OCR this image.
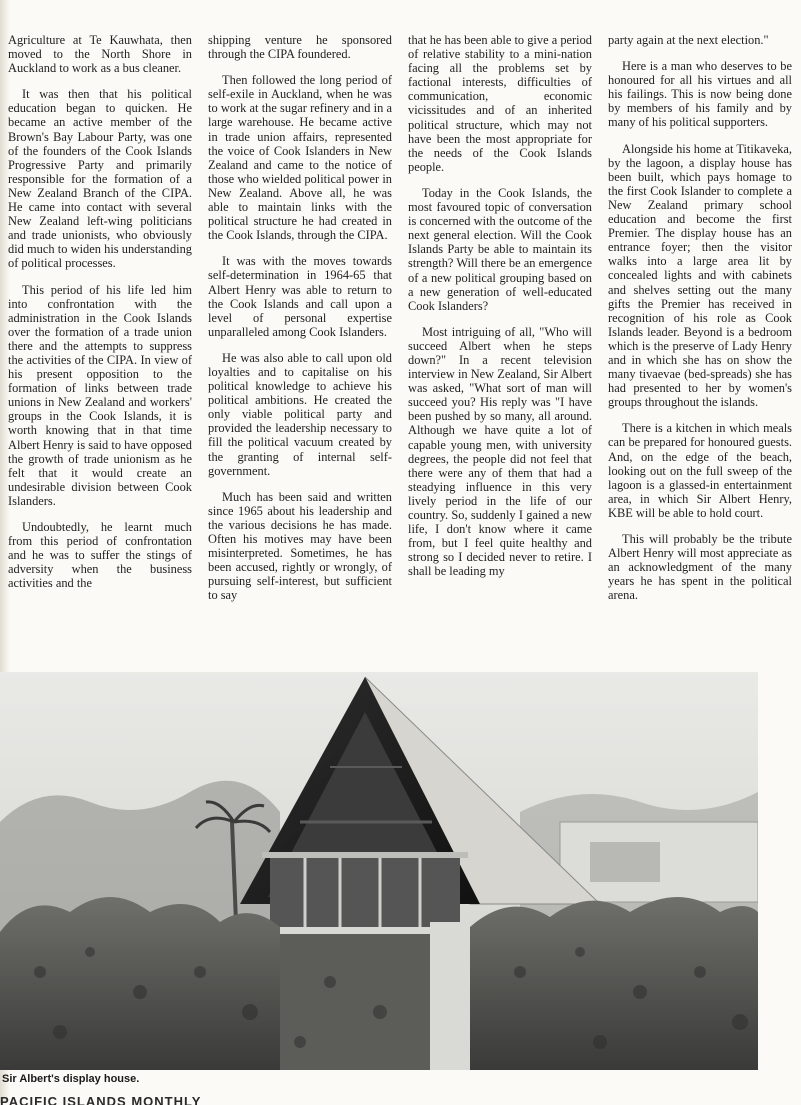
Agriculture at Te Kauwhata, then moved to the North Shore in Auckland to work as a bus cleaner.

It was then that his political education began to quicken. He became an active member of the Brown's Bay Labour Party, was one of the founders of the Cook Islands Progressive Party and primarily responsible for the formation of a New Zealand Branch of the CIPA. He came into contact with several New Zealand left-wing politicians and trade unionists, who obviously did much to widen his understanding of political processes.

This period of his life led him into confrontation with the administration in the Cook Islands over the formation of a trade union there and the attempts to suppress the activities of the CIPA. In view of his present opposition to the formation of links between trade unions in New Zealand and workers' groups in the Cook Islands, it is worth knowing that in that time Albert Henry is said to have opposed the growth of trade unionism as he felt that it would create an undesirable division between Cook Islanders.

Undoubtedly, he learnt much from this period of confrontation and he was to suffer the stings of adversity when the business activities and the

shipping venture he sponsored through the CIPA foundered.

Then followed the long period of self-exile in Auckland, when he was to work at the sugar refinery and in a large warehouse. He became active in trade union affairs, represented the voice of Cook Islanders in New Zealand and came to the notice of those who wielded political power in New Zealand. Above all, he was able to maintain links with the political structure he had created in the Cook Islands, through the CIPA.

It was with the moves towards self-determination in 1964-65 that Albert Henry was able to return to the Cook Islands and call upon a level of personal expertise unparalleled among Cook Islanders.

He was also able to call upon old loyalties and to capitalise on his political knowledge to achieve his political ambitions. He created the only viable political party and provided the leadership necessary to fill the political vacuum created by the granting of internal self-government.

Much has been said and written since 1965 about his leadership and the various decisions he has made. Often his motives may have been misinterpreted. Sometimes, he has been accused, rightly or wrongly, of pursuing self-interest, but sufficient to say

that he has been able to give a period of relative stability to a mini-nation facing all the problems set by factional interests, difficulties of communication, economic vicissitudes and of an inherited political structure, which may not have been the most appropriate for the needs of the Cook Islands people.

Today in the Cook Islands, the most favoured topic of conversation is concerned with the outcome of the next general election. Will the Cook Islands Party be able to maintain its strength? Will there be an emergence of a new political grouping based on a new generation of well-educated Cook Islanders?

Most intriguing of all, "Who will succeed Albert when he steps down?" In a recent television interview in New Zealand, Sir Albert was asked, "What sort of man will succeed you? His reply was "I have been pushed by so many, all around. Although we have quite a lot of capable young men, with university degrees, the people did not feel that there were any of them that had a steadying influence in this very lively period in the life of our country. So, suddenly I gained a new life, I don't know where it came from, but I feel quite healthy and strong so I decided never to retire. I shall be leading my

party again at the next election."

Here is a man who deserves to be honoured for all his virtues and all his failings. This is now being done by members of his family and by many of his political supporters.

Alongside his home at Titikaveka, by the lagoon, a display house has been built, which pays homage to the first Cook Islander to complete a New Zealand primary school education and become the first Premier. The display house has an entrance foyer; then the visitor walks into a large area lit by concealed lights and with cabinets and shelves setting out the many gifts the Premier has received in recognition of his role as Cook Islands leader. Beyond is a bedroom which is the preserve of Lady Henry and in which she has on show the many tivaevae (bed-spreads) she has had presented to her by women's groups throughout the islands.

There is a kitchen in which meals can be prepared for honoured guests. And, on the edge of the beach, looking out on the full sweep of the lagoon is a glassed-in entertainment area, in which Sir Albert Henry, KBE will be able to hold court.

This will probably be the tribute Albert Henry will most appreciate as an acknowledgment of the many years he has spent in the political arena.

Sir Albert's display house.
PACIFIC ISLANDS MONTHLY
